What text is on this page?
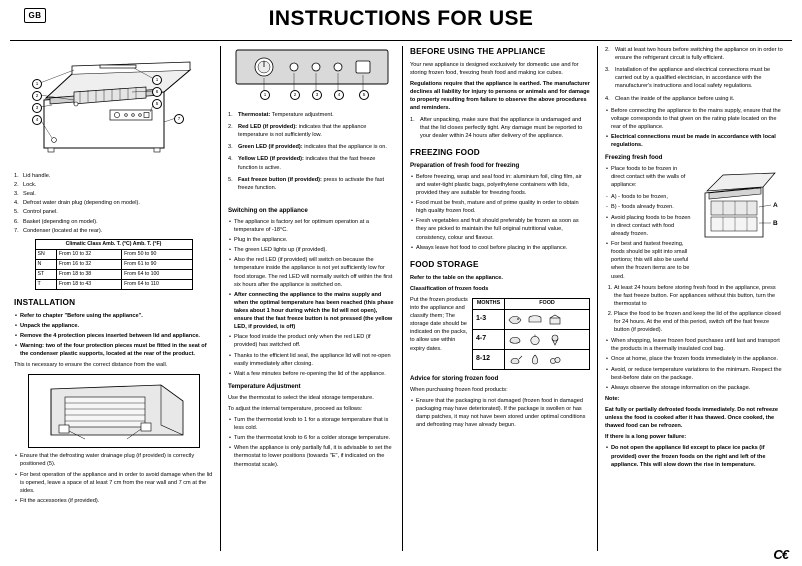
GB	INSTRUCTIONS FOR USE
1
2
3
4
1
6
5
7
1. Lid handle.
2. Lock.
3. Seal.
4. Defrost water drain plug (depending on model).
5. Control panel.
6. Basket (depending on model).
7. Condenser (located at the rear).
Climatic Class Amb. T. (°C) Amb. T. (°F)		
SN	From 10 to 32	From 50 to 90
N	From 16 to 32	From 61 to 90
ST	From 18 to 38	From 64 to 100
T	From 18 to 43	From 64 to 110
INSTALLATION
• Refer to chapter "Before using the appliance".
• Unpack the appliance.
• Remove the 4 protection pieces inserted between lid and appliance.
• Warning: two of the four protection pieces must be fitted in the seat of the condenser plastic supports, located at the rear of the product.

This is necessary to ensure the correct distance from the wall.

• Ensure that the defrosting water drainage plug (if provided) is correctly positioned (5).
• For best operation of the appliance and in order to avoid damage when the lid is opened, leave a space of at least 7 cm from the rear wall and 7 cm at the sides.
• Fit the accessories (if provided).
1	2	3	4	5
1. Thermostat: Temperature adjustment.
2. Red LED (if provided): indicates that the appliance temperature is not sufficiently low.
3. Green LED (if provided): indicates that the appliance is on.
4. Yellow LED (if provided): indicates that the fast freeze function is active.
5. Fast freeze button (if provided): press to activate the fast freeze function.
Switching on the appliance
• The appliance is factory set for optimum operation at a temperature of -18°C.
• Plug in the appliance.
• The green LED lights up (if provided).
• Also the red LED (if provided) will switch on because the temperature inside the appliance is not yet sufficiently low for food storage. The red LED will normally switch off within the first six hours after the appliance is switched on.
• After connecting the appliance to the mains supply and when the optimal temperature has been reached (this phase takes about 1 hour during which the lid will not open), ensure that the fast freeze button is not pressed (the yellow LED, if provided, is off)
• Place food inside the product only when the red LED (if provided) has switched off.
• Thanks to the efficient lid seal, the appliance lid will not re-open easily immediately after closing.
• Wait a few minutes before re-opening the lid of the appliance.
Temperature Adjustment

Use the thermostat to select the ideal storage temperature.

To adjust the internal temperature, proceed as follows:

• Turn the thermostat knob to 1 for a storage temperature that is less cold.
• Turn the thermostat knob to 6 for a colder storage temperature.
• When the appliance is only partially full, it is advisable to set the thermostat to lower positions (towards "E", if indicated on the thermostat scale).
BEFORE USING THE APPLIANCE

Your new appliance is designed exclusively for domestic use and for storing frozen food, freezing fresh food and making ice cubes.

Regulations require that the appliance is earthed. The manufacturer declines all liability for injury to persons or animals and for damage to property resulting from failure to observe the above procedures and reminders.

1. After unpacking, make sure that the appliance is undamaged and that the lid closes perfectly tight. Any damage must be reported to your dealer within 24 hours after delivery of the appliance.
FREEZING FOOD
Preparation of fresh food for freezing
• Before freezing, wrap and seal food in: aluminium foil, cling film, air and water-tight plastic bags, polyethylene containers with lids, provided they are suitable for freezing foods.
• Food must be fresh, mature and of prime quality in order to obtain high quality frozen food.
• Fresh vegetables and fruit should preferably be frozen as soon as they are picked to maintain the full original nutritional value, consistency, colour and flavour.
• Always leave hot food to cool before placing in the appliance.
FOOD STORAGE

Refer to the table on the appliance.

Classification of frozen foods

Put the frozen products into the appliance and classify them; The storage date should be indicated on the packs, to allow use within expiry dates.

MONTHS	FOOD
1-3	

4-7	

8-12	
Advice for storing frozen food

When purchasing frozen food products:

• Ensure that the packaging is not damaged (frozen food in damaged packaging may have deteriorated). If the package is swollen or has damp patches, it may not have been stored under optimal conditions and defrosting may have already begun.
2. Wait at least two hours before switching the appliance on in order to ensure the refrigerant circuit is fully efficient.
3. Installation of the appliance and electrical connections must be carried out by a qualified electrician, in accordance with the manufacturer's instructions and local safety regulations.
4. Clean the inside of the appliance before using it.
• Before connecting the appliance to the mains supply, ensure that the voltage corresponds to that given on the rating plate located on the rear of the appliance.
• Electrical connections must be made in accordance with local regulations.
Freezing fresh food
• Place foods to be frozen in direct contact with the walls of appliance:
- A) - foods to be frozen,
- B) - foods already frozen.
• Avoid placing foods to be frozen in direct contact with food already frozen.
• For best and fastest freezing, foods should be split into small portions; this will also be useful when the frozen items are to be used.
A
B
1. At least 24 hours before storing fresh food in the appliance, press the fast freeze button. For appliances without this button, turn the thermostat to
2. Place the food to be frozen and keep the lid of the appliance closed for 24 hours. At the end of this period, switch off the fast freeze button (if provided).
• When shopping, leave frozen food purchases until last and transport the products in a thermally insulated cool bag.
• Once at home, place the frozen foods immediately in the appliance.
• Avoid, or reduce temperature variations to the minimum. Respect the best-before date on the package.
• Always observe the storage information on the package.

Note:

Eat fully or partially defrosted foods immediately. Do not refreeze unless the food is cooked after it has thawed. Once cooked, the thawed food can be refrozen.

If there is a long power failure:

• Do not open the appliance lid except to place ice packs (if provided) over the frozen foods on the right and left of the appliance. This will slow down the rise in temperature.
C€
